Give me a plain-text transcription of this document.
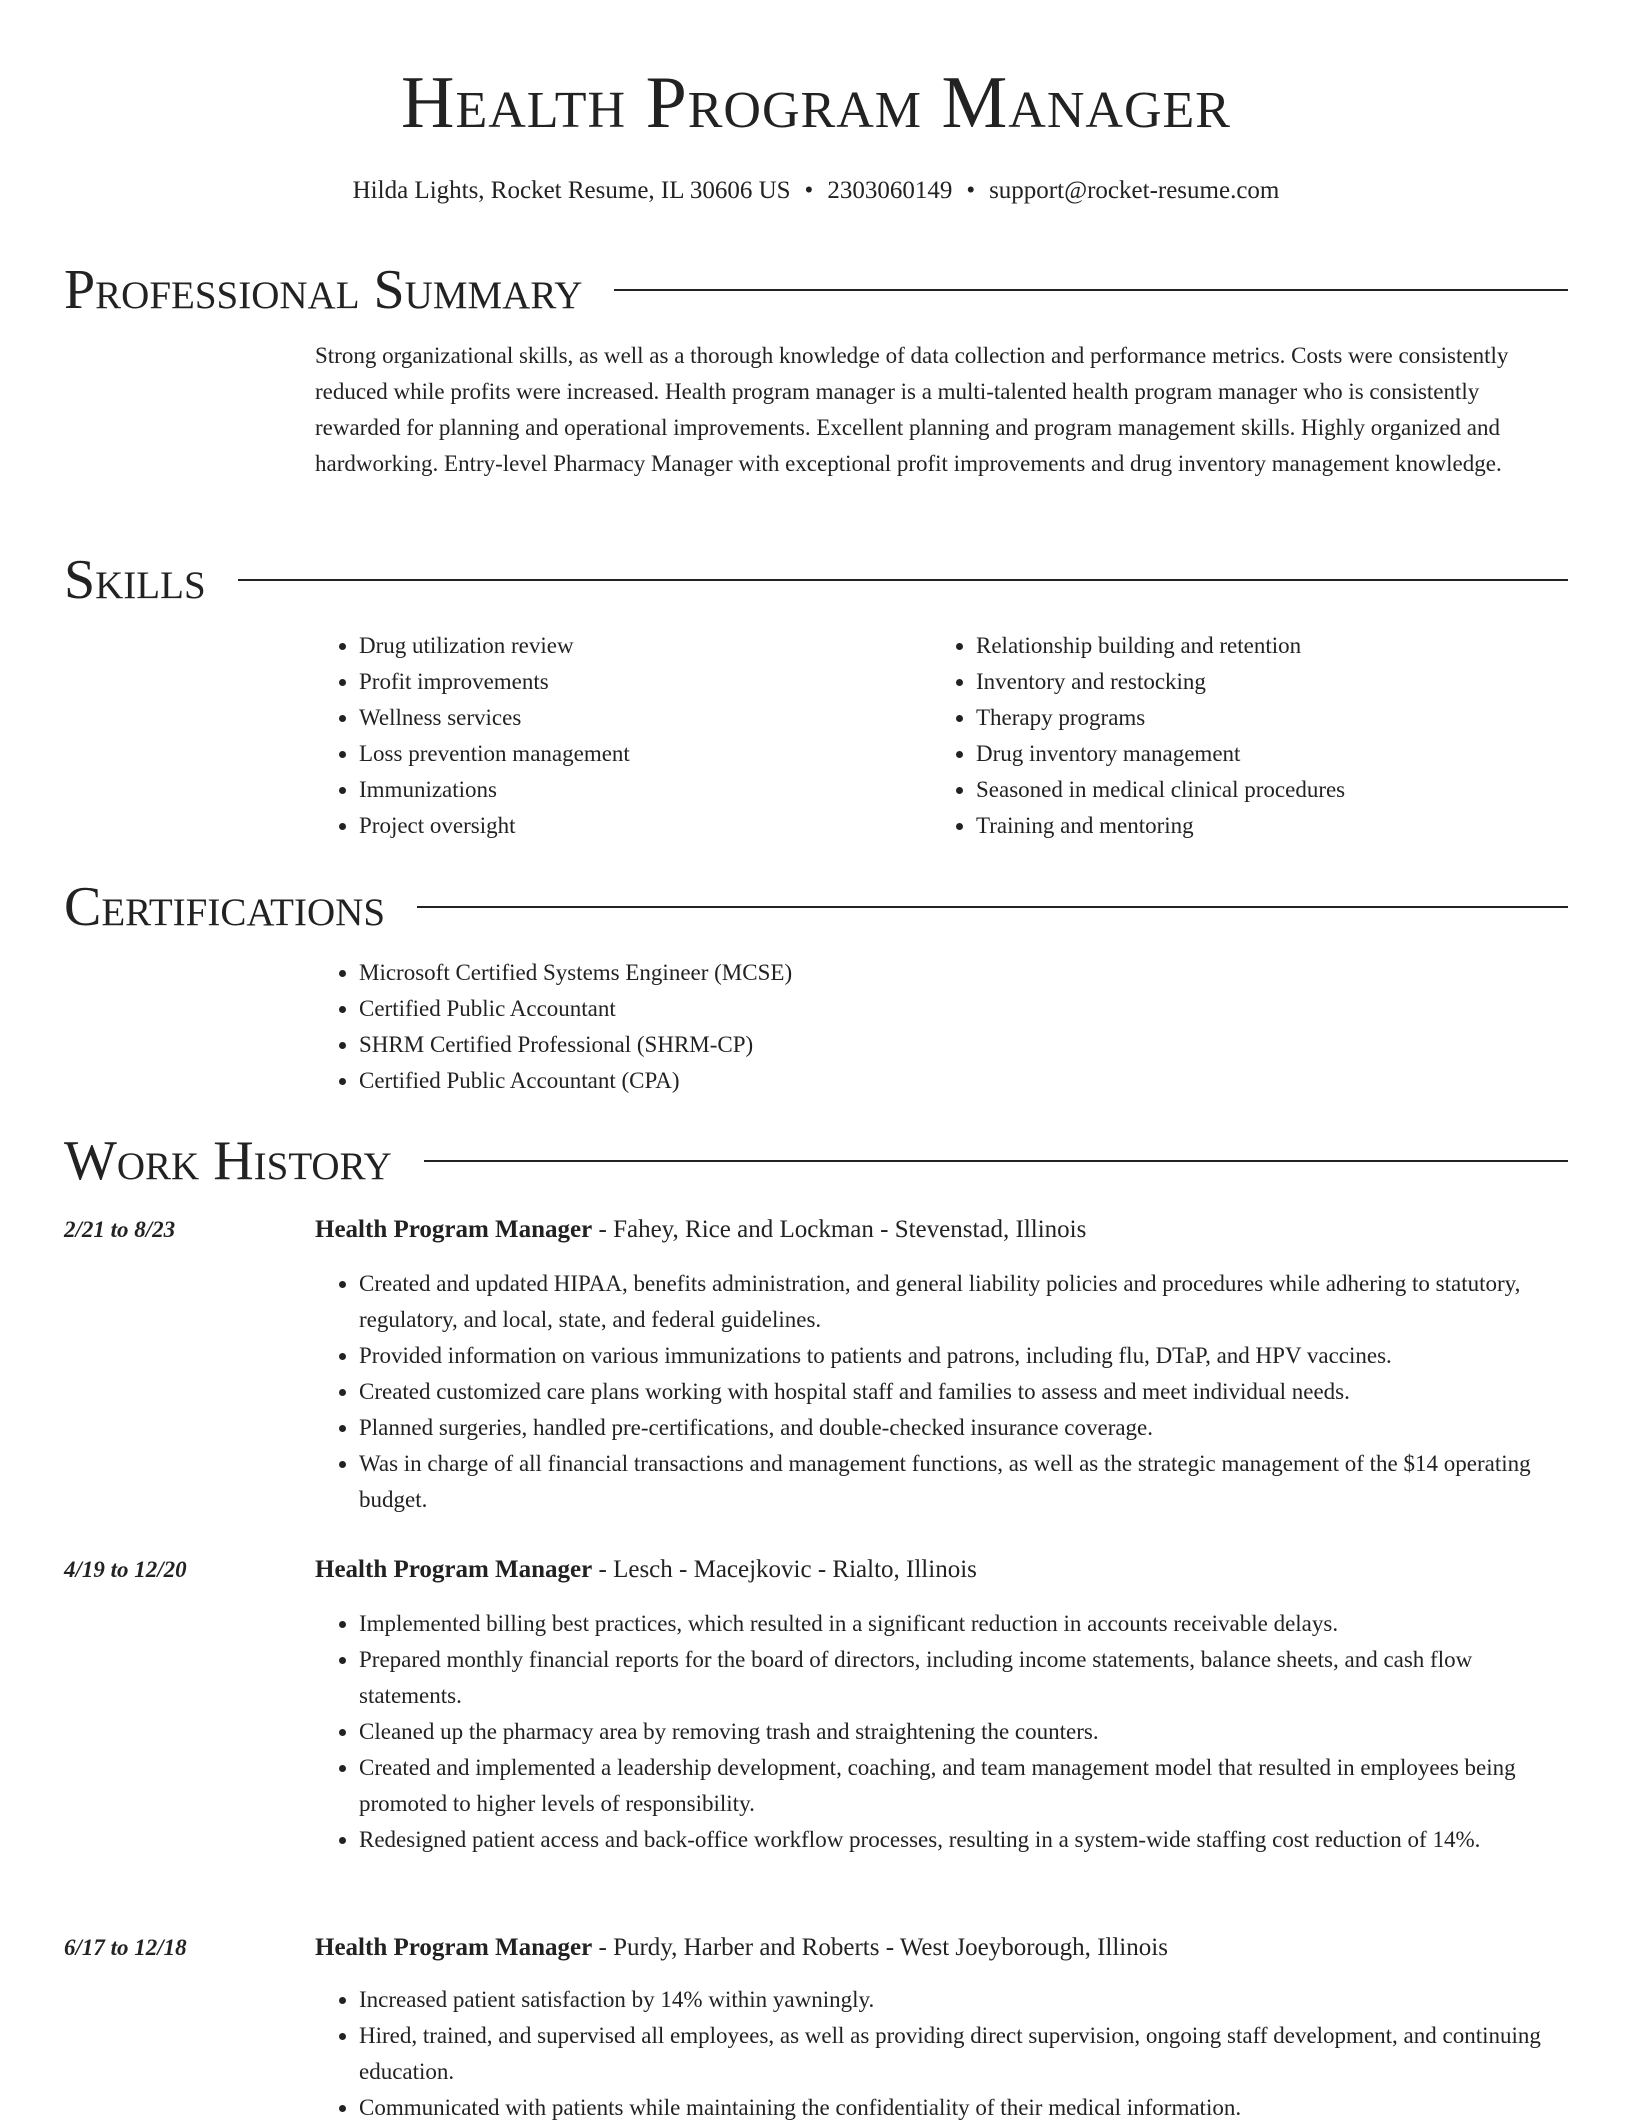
Health Program Manager
Hilda Lights, Rocket Resume, IL 30606 US • 2303060149 • support@rocket-resume.com
Professional Summary
Strong organizational skills, as well as a thorough knowledge of data collection and performance metrics. Costs were consistently reduced while profits were increased. Health program manager is a multi-talented health program manager who is consistently rewarded for planning and operational improvements. Excellent planning and program management skills. Highly organized and hardworking. Entry-level Pharmacy Manager with exceptional profit improvements and drug inventory management knowledge.
Skills
• Drug utilization review
• Profit improvements
• Wellness services
• Loss prevention management
• Immunizations
• Project oversight
• Relationship building and retention
• Inventory and restocking
• Therapy programs
• Drug inventory management
• Seasoned in medical clinical procedures
• Training and mentoring
Certifications
• Microsoft Certified Systems Engineer (MCSE)
• Certified Public Accountant
• SHRM Certified Professional (SHRM-CP)
• Certified Public Accountant (CPA)
Work History
2/21 to 8/23	Health Program Manager - Fahey, Rice and Lockman - Stevenstad, Illinois
• Created and updated HIPAA, benefits administration, and general liability policies and procedures while adhering to statutory, regulatory, and local, state, and federal guidelines.
• Provided information on various immunizations to patients and patrons, including flu, DTaP, and HPV vaccines.
• Created customized care plans working with hospital staff and families to assess and meet individual needs.
• Planned surgeries, handled pre-certifications, and double-checked insurance coverage.
• Was in charge of all financial transactions and management functions, as well as the strategic management of the $14 operating budget.
4/19 to 12/20	Health Program Manager - Lesch - Macejkovic - Rialto, Illinois
• Implemented billing best practices, which resulted in a significant reduction in accounts receivable delays.
• Prepared monthly financial reports for the board of directors, including income statements, balance sheets, and cash flow statements.
• Cleaned up the pharmacy area by removing trash and straightening the counters.
• Created and implemented a leadership development, coaching, and team management model that resulted in employees being promoted to higher levels of responsibility.
• Redesigned patient access and back-office workflow processes, resulting in a system-wide staffing cost reduction of 14%.
6/17 to 12/18	Health Program Manager - Purdy, Harber and Roberts - West Joeyborough, Illinois
• Increased patient satisfaction by 14% within yawningly.
• Hired, trained, and supervised all employees, as well as providing direct supervision, ongoing staff development, and continuing education.
• Communicated with patients while maintaining the confidentiality of their medical information.
